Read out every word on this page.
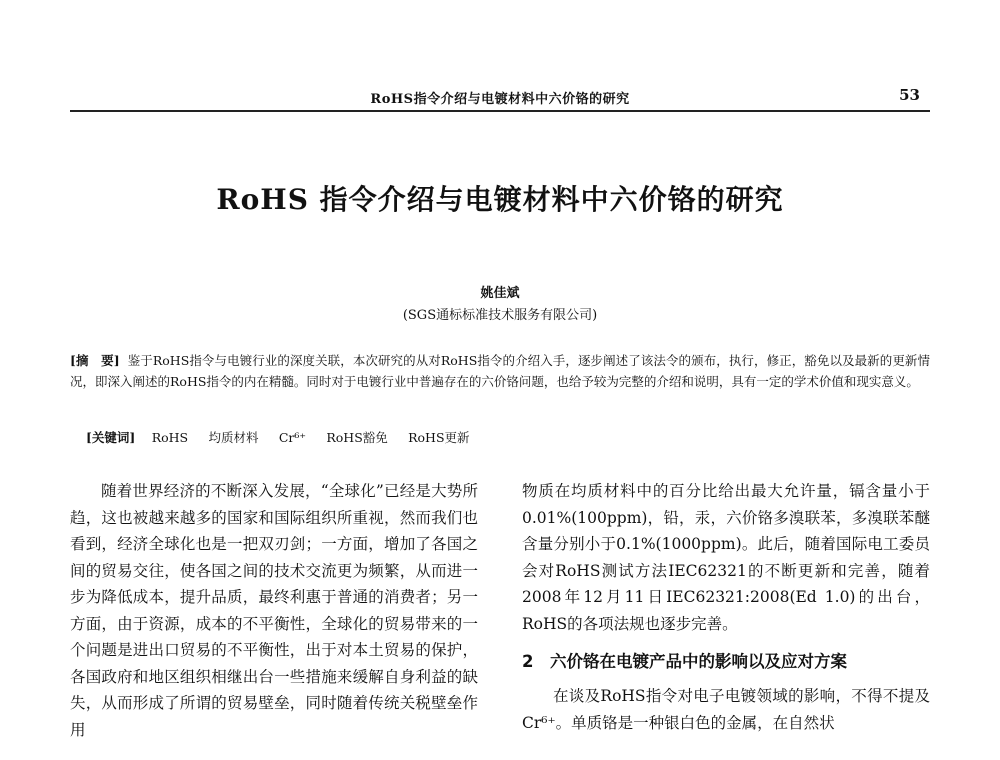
RoHS指令介绍与电镀材料中六价铬的研究	53
RoHS 指令介绍与电镀材料中六价铬的研究
姚佳斌
(SGS通标标准技术服务有限公司)
[摘　要] 鉴于RoHS指令与电镀行业的深度关联，本次研究的从对RoHS指令的介绍入手，逐步阐述了该法令的颁布，执行，修正，豁免以及最新的更新情况，即深入阐述的RoHS指令的内在精髓。同时对于电镀行业中普遍存在的六价铬问题，也给予较为完整的介绍和说明，具有一定的学术价值和现实意义。
[关键词] RoHS 均质材料 Cr⁶⁺ RoHS豁免 RoHS更新

随着世界经济的不断深入发展，“全球化”已经是大势所趋，这也被越来越多的国家和国际组织所重视，然而我们也看到，经济全球化也是一把双刃剑；一方面，增加了各国之间的贸易交往，使各国之间的技术交流更为频繁，从而进一步为降低成本，提升品质，最终利惠于普通的消费者；另一方面，由于资源，成本的不平衡性，全球化的贸易带来的一个问题是进出口贸易的不平衡性，出于对本土贸易的保护，各国政府和地区组织相继出台一些措施来缓解自身利益的缺失，从而形成了所谓的贸易壁垒，同时随着传统关税壁垒作用

物质在均质材料中的百分比给出最大允许量，镉含量小于0.01%(100ppm)，铅，汞，六价铬多溴联苯，多溴联苯醚含量分别小于0.1%(1000ppm)。此后，随着国际电工委员会对RoHS测试方法IEC62321的不断更新和完善，随着2008年12月11日IEC62321:2008(Ed 1.0)的出台，RoHS的各项法规也逐步完善。

2　六价铬在电镀产品中的影响以及应对方案

在谈及RoHS指令对电子电镀领域的影响，不得不提及Cr⁶⁺。单质铬是一种银白色的金属，在自然状
